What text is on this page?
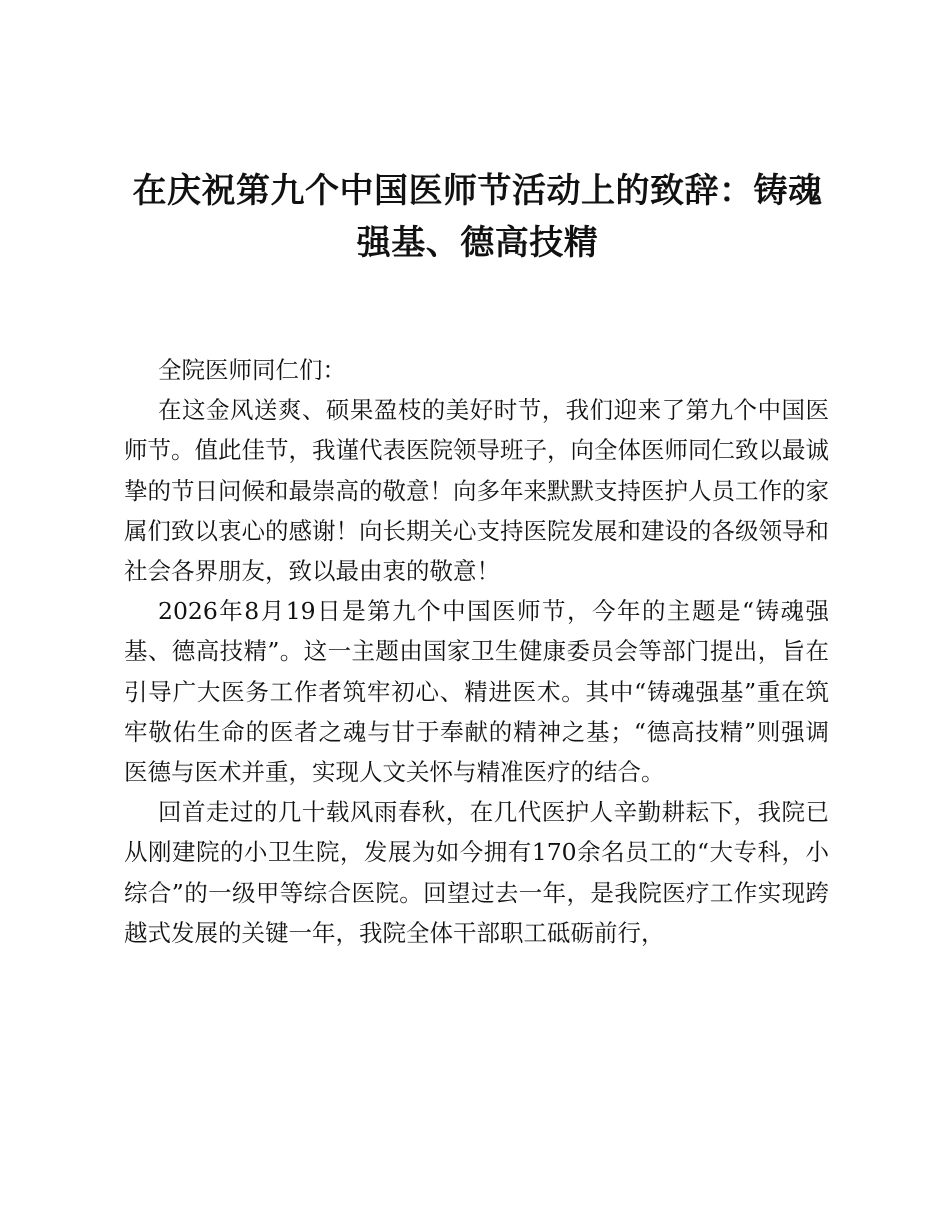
在庆祝第九个中国医师节活动上的致辞：铸魂
强基、德高技精

全院医师同仁们：

在这金风送爽、硕果盈枝的美好时节，我们迎来了第九个中国医师节。值此佳节，我谨代表医院领导班子，向全体医师同仁致以最诚挚的节日问候和最崇高的敬意！向多年来默默支持医护人员工作的家属们致以衷心的感谢！向长期关心支持医院发展和建设的各级领导和社会各界朋友，致以最由衷的敬意！

2026年8月19日是第九个中国医师节，今年的主题是“铸魂强基、德高技精”。这一主题由国家卫生健康委员会等部门提出，旨在引导广大医务工作者筑牢初心、精进医术。其中“铸魂强基”重在筑牢敬佑生命的医者之魂与甘于奉献的精神之基；“德高技精”则强调医德与医术并重，实现人文关怀与精准医疗的结合。

回首走过的几十载风雨春秋，在几代医护人辛勤耕耘下，我院已从刚建院的小卫生院，发展为如今拥有170余名员工的“大专科，小综合”的一级甲等综合医院。回望过去一年，是我院医疗工作实现跨越式发展的关键一年，我院全体干部职工砥砺前行，
